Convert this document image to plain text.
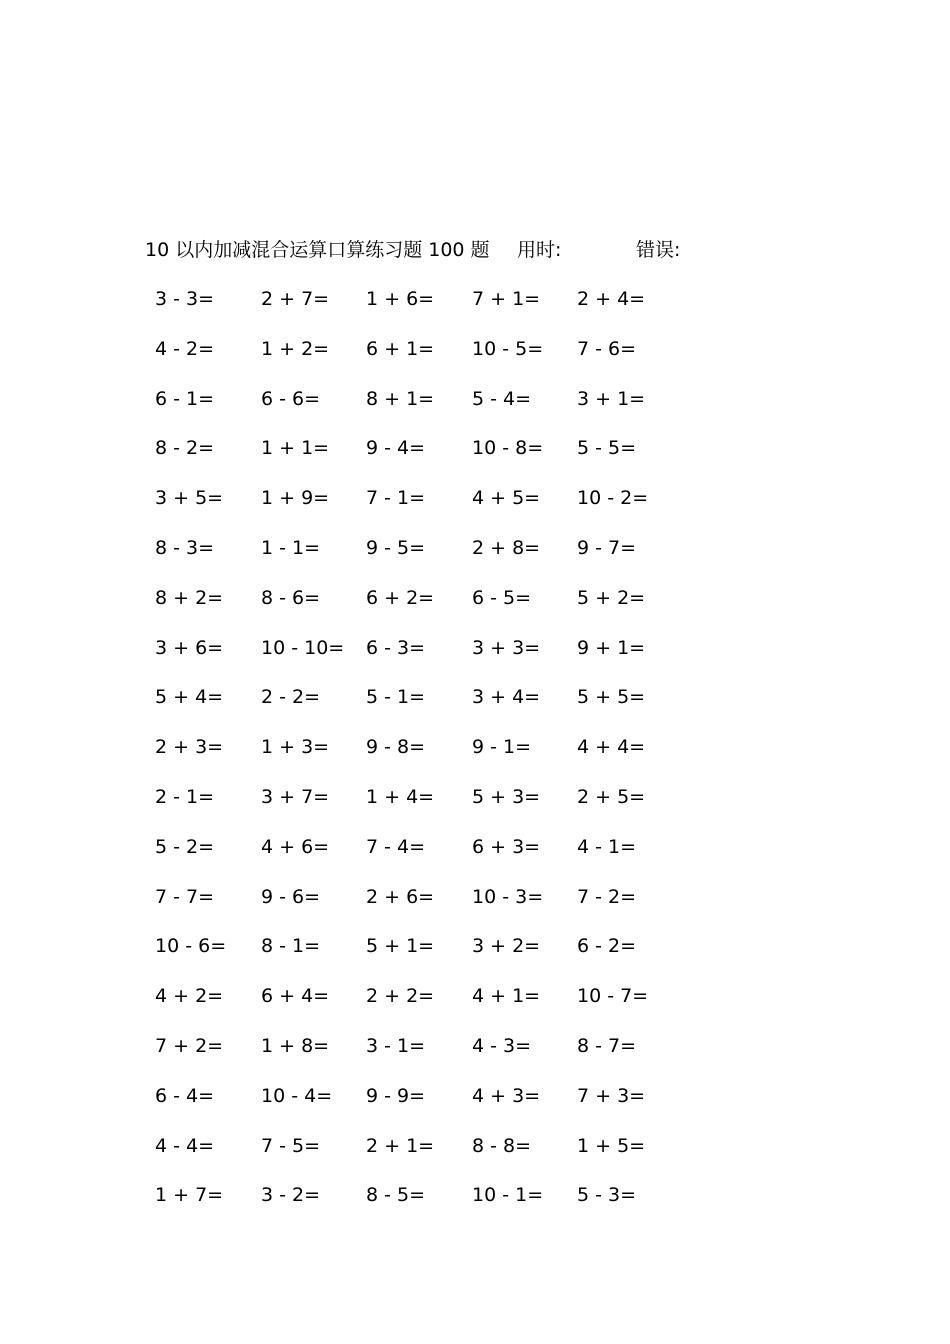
10 以内加减混合运算口算练习题 100 题 用时:	错误:
3 - 3= 2 + 7= 1 + 6= 7 + 1= 2 + 4=
4 - 2= 1 + 2= 6 + 1= 10 - 5= 7 - 6=
6 - 1= 6 - 6= 8 + 1= 5 - 4= 3 + 1=
8 - 2= 1 + 1= 9 - 4= 10 - 8= 5 - 5=
3 + 5= 1 + 9= 7 - 1= 4 + 5= 10 - 2=
8 - 3= 1 - 1= 9 - 5= 2 + 8= 9 - 7=
8 + 2= 8 - 6= 6 + 2= 6 - 5= 5 + 2=
3 + 6= 10 - 10= 6 - 3= 3 + 3= 9 + 1=
5 + 4= 2 - 2= 5 - 1= 3 + 4= 5 + 5=
2 + 3= 1 + 3= 9 - 8= 9 - 1= 4 + 4=
2 - 1= 3 + 7= 1 + 4= 5 + 3= 2 + 5=
5 - 2= 4 + 6= 7 - 4= 6 + 3= 4 - 1=
7 - 7= 9 - 6= 2 + 6= 10 - 3= 7 - 2=
10 - 6= 8 - 1= 5 + 1= 3 + 2= 6 - 2=
4 + 2= 6 + 4= 2 + 2= 4 + 1= 10 - 7=
7 + 2= 1 + 8= 3 - 1= 4 - 3= 8 - 7=
6 - 4= 10 - 4= 9 - 9= 4 + 3= 7 + 3=
4 - 4= 7 - 5= 2 + 1= 8 - 8= 1 + 5=
1 + 7= 3 - 2= 8 - 5= 10 - 1= 5 - 3=
